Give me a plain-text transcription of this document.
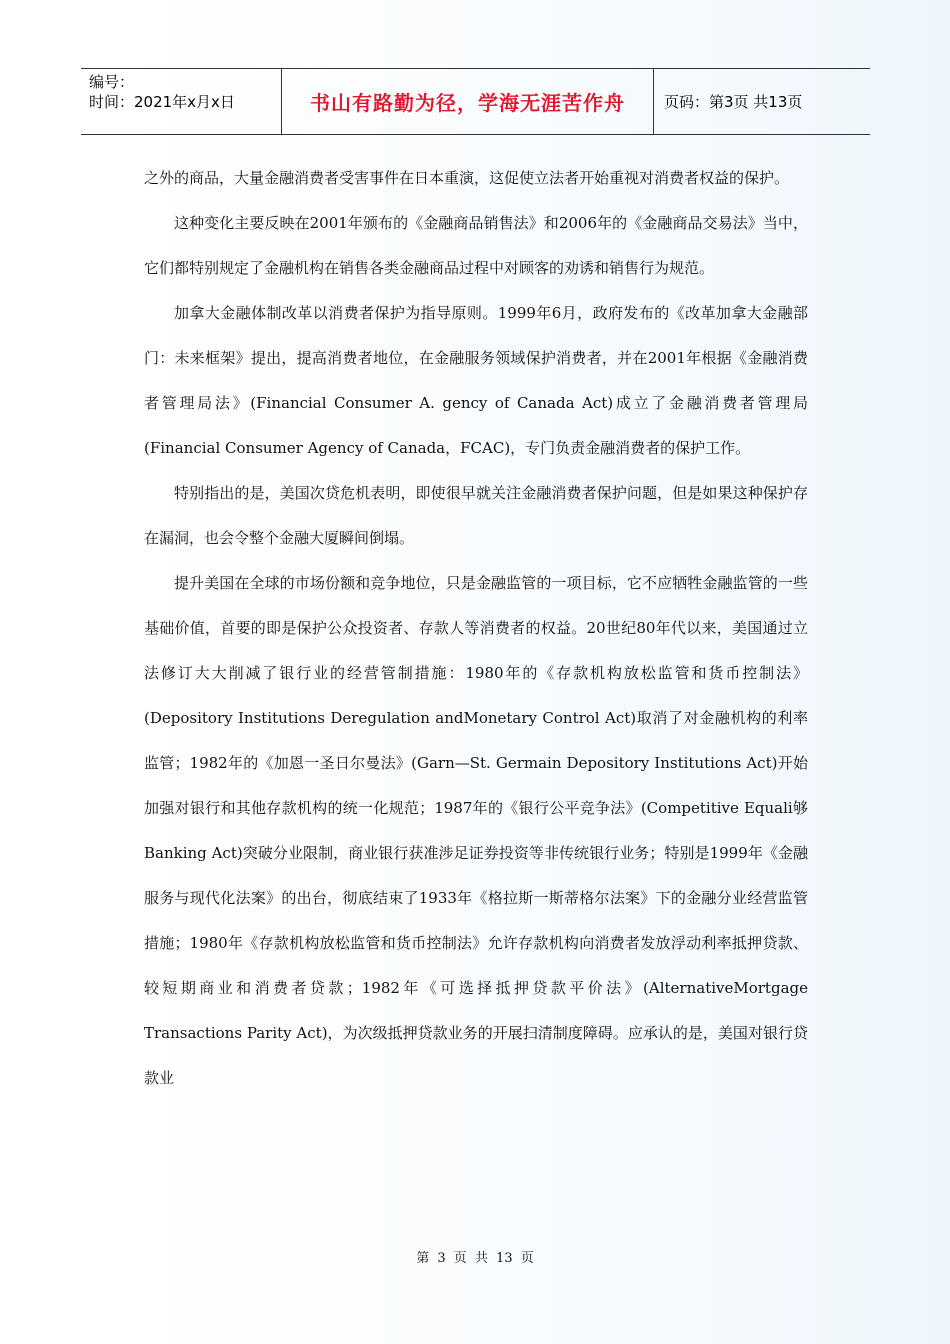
编号：
时间：2021年x月x日	书山有路勤为径，学海无涯苦作舟	页码：第3页 共13页

之外的商品，大量金融消费者受害事件在日本重演，这促使立法者开始重视对消费者权益的保护。

这种变化主要反映在2001年颁布的《金融商品销售法》和2006年的《金融商品交易法》当中，它们都特别规定了金融机构在销售各类金融商品过程中对顾客的劝诱和销售行为规范。

加拿大金融体制改革以消费者保护为指导原则。1999年6月，政府发布的《改革加拿大金融部门：未来框架》提出，提高消费者地位，在金融服务领域保护消费者，并在2001年根据《金融消费者管理局法》(Financial Consumer A. gency of Canada Act)成立了金融消费者管理局(Financial Consumer Agency of Canada，FCAC)，专门负责金融消费者的保护工作。

特别指出的是，美国次贷危机表明，即使很早就关注金融消费者保护问题，但是如果这种保护存在漏洞，也会令整个金融大厦瞬间倒塌。

提升美国在全球的市场份额和竞争地位，只是金融监管的一项目标，它不应牺牲金融监管的一些基础价值，首要的即是保护公众投资者、存款人等消费者的权益。20世纪80年代以来，美国通过立法修订大大削减了银行业的经营管制措施：1980年的《存款机构放松监管和货币控制法》(Depository Institutions Deregulation andMonetary Control Act)取消了对金融机构的利率监管；1982年的《加恩一圣日尔曼法》(Garn—St. Germain Depository Institutions Act)开始加强对银行和其他存款机构的统一化规范；1987年的《银行公平竞争法》(Competitive Equali够Banking Act)突破分业限制，商业银行获准涉足证券投资等非传统银行业务；特别是1999年《金融服务与现代化法案》的出台，彻底结束了1933年《格拉斯一斯蒂格尔法案》下的金融分业经营监管措施；1980年《存款机构放松监管和货币控制法》允许存款机构向消费者发放浮动利率抵押贷款、较短期商业和消费者贷款；1982年《可选择抵押贷款平价法》(AlternativeMortgage Transactions Parity Act)，为次级抵押贷款业务的开展扫清制度障碍。应承认的是，美国对银行贷款业

第 3 页 共 13 页
